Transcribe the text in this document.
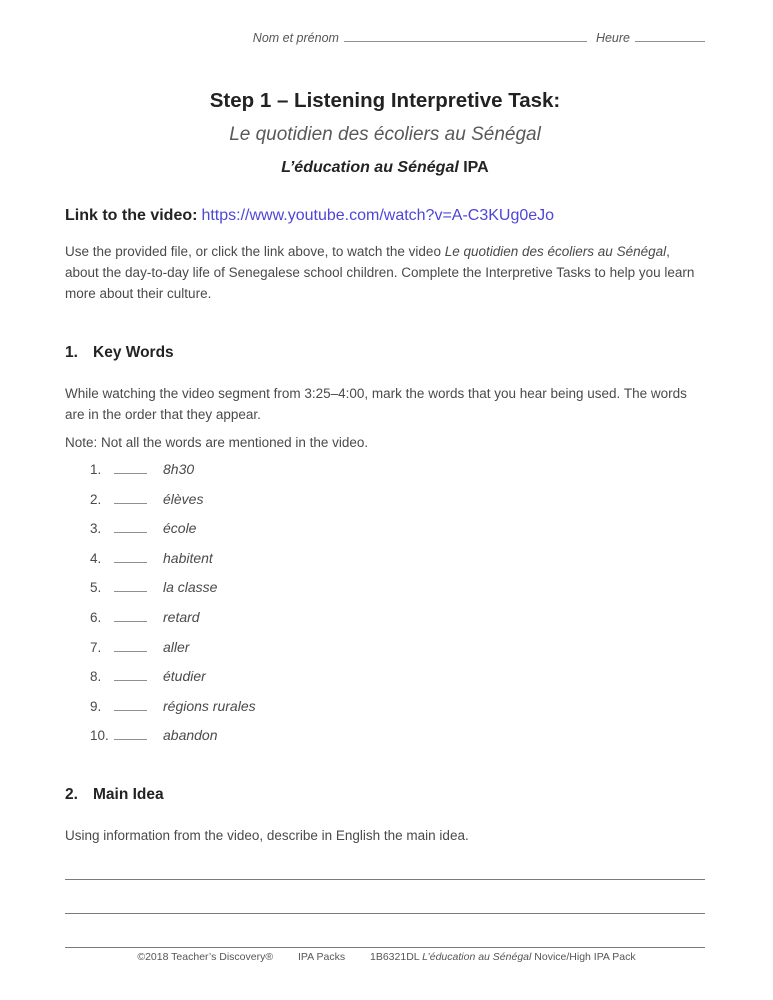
Nom et prénom	Heure
Step 1 – Listening Interpretive Task:
Le quotidien des écoliers au Sénégal
L’éducation au Sénégal IPA
Link to the video: https://www.youtube.com/watch?v=A-C3KUg0eJo

Use the provided file, or click the link above, to watch the video Le quotidien des écoliers au Sénégal, about the day-to-day life of Senegalese school children. Complete the Interpretive Tasks to help you learn more about their culture.

1. Key Words

While watching the video segment from 3:25–4:00, mark the words that you hear being used. The words are in the order that they appear.

Note: Not all the words are mentioned in the video.

1.	8h30
2.	élèves
3.	école
4.	habitent
5.	la classe
6.	retard
7.	aller
8.	étudier
9.	régions rurales
10.	abandon
2. Main Idea

Using information from the video, describe in English the main idea.

©2018 Teacher’s Discovery® IPA Packs 1B6321DL L’éducation au Sénégal Novice/High IPA Pack
